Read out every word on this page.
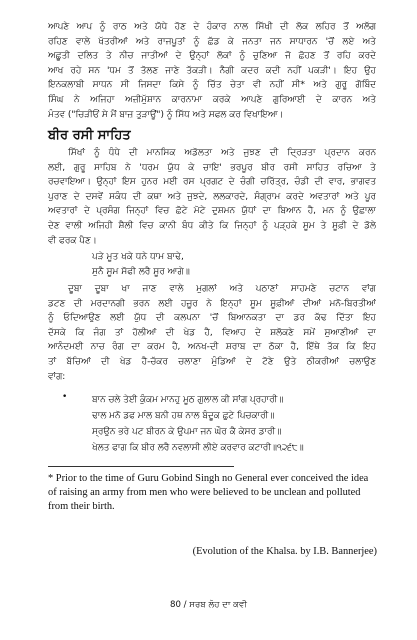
ਆਪਣੇ ਆਪ ਨੂੰ ਰਾਠ ਅਤੇ ਯੋਧੇ ਹੋਣ ਦੇ ਹੰਕਾਰ ਨਾਲ ਸਿੱਖੀ ਦੀ ਲੋਕ ਲਹਿਰ ਤੋਂ ਅਲੱਗ
ਰਹਿਣ ਵਾਲੇ ਖੱਤਰੀਆਂ ਅਤੇ ਰਾਜਪੂਤਾਂ ਨੂੰ ਛੱਡ ਕੇ ਜਨਤਾ ਜਨ ਸਾਧਾਰਨ 'ਚੋਂ ਲਏ ਅਤੇ
ਅਛੂਤੀ ਦਲਿਤ ਤੇ ਨੀਚ ਜਾਤੀਆਂ ਦੇ ਉਨ੍ਹਾਂ ਲੋਕਾਂ ਨੂੰ ਚੁਣਿਆ ਜੋ ਛੋਹਣ ਤੋਂ ਰਹਿ ਕਰਦੇ
ਆਖ ਰਹੇ ਸਨ 'ਧਮ ਤੋਂ ਤੋਲਣ ਜਾਣੇ ਤੱਕੜੀ। ਨੈਗੀ ਕਦਰ ਕਦੀ ਨਹੀਂ ਪਕੜੀ'। ਇਹ ਉਹ
ਇਨਕਲਾਬੀ ਸਾਧਨ ਸੀ ਜਿਸਦਾ ਕਿਸੇ ਨੂੰ ਚਿੱਤ ਚੇਤਾ ਵੀ ਨਹੀਂ ਸੀ* ਅਤੇ ਗੁਰੂ ਗੋਬਿੰਦ
ਸਿੰਘ ਨੇ ਅਜਿਹਾ ਅਜ਼ੀਮੁੱਸ਼ਾਨ ਕਾਰਨਾਮਾ ਕਰਕੇ ਆਪਣੇ ਗੁਰਿਆਈ ਦੇ ਕਾਰਨ ਅਤੇ
ਮੰਤਵ ("ਚਿੜੀਓਂ ਸੇ ਮੈਂ ਬਾਜ਼ ਤੁੜਾਊਂ") ਨੂੰ ਸਿੱਧ ਅਤੇ ਸਫਲ ਕਰ ਵਿਖਾਇਆ।
ਬੀਰ ਰਸੀ ਸਾਹਿਤ
ਸਿੱਖਾਂ ਨੂੰ ਧੰਧੇ ਦੀ ਮਾਨਸਿਕ ਅਡੋਲਤਾ ਅਤੇ ਜੁਝਣ ਦੀ ਦ੍ਰਿੜਤਾ ਪ੍ਰਦਾਨ ਕਰਨ
ਲਈ, ਗੁਰੂ ਸਾਹਿਬ ਨੇ 'ਧਰਮ ਯੁੱਧ ਕੇ ਚਾਇ' ਭਰਪੂਰ ਬੀਰ ਰਸੀ ਸਾਹਿਤ ਰਚਿਆ ਤੇ
ਰਚਵਾਇਆ। ਉਨ੍ਹਾਂ ਇਸ ਹੁਨਰ ਮਈ ਰਸ ਪ੍ਰਗਟ ਦੇ ਚੰਗੀ ਚਰਿੱਤ੍ਰ, ਚੰਡੀ ਦੀ ਵਾਰ, ਭਾਗਵਤ
ਪੁਰਾਣ ਦੇ ਦਸਵੇਂ ਸਕੰਧ ਦੀ ਕਥਾ ਅਤੇ ਜੁਝਦੇ, ਲਲਕਾਰਦੇ, ਸੰਗ੍ਰਾਮ ਕਰਦੇ ਅਵਤਾਰਾਂ ਅਤੇ ਪੂਰ
ਅਵਤਾਰਾਂ ਦੇ ਪ੍ਰਸੰਗ ਜਿਨ੍ਹਾਂ ਵਿਚ ਛੋਟੇ ਮੋਟੇ ਦੁਸ਼ਮਨ ਯੁੱਧਾਂ ਦਾ ਬਿਆਨ ਹੈ, ਮਨ ਨੂੰ ਉਛਾਲਾ
ਦੇਣ ਵਾਲੀ ਅਜਿਹੀ ਸ਼ੈਲੀ ਵਿਚ ਕਾਨੀ ਬੰਧ ਕੀਤੇ ਕਿ ਜਿਨ੍ਹਾਂ ਨੂੰ ਪੜ੍ਹਕੇ ਸੂਮ ਤੇ ਸੂਫ਼ੀ ਦੇ ਡੋਲੇ
ਵੀ ਫਰਕ ਪੈਣ।
ਪੜੇ ਮੂਤ ਖਕੇ ਧਨੇ ਧਾਮ ਬਾਢੇ,
ਸੁਨੈ ਸੂਮ ਸੋਫੀ ਲਰੈ ਸੂਰ ਆਗੇ॥
ਦੂਬਾ ਦੂਬਾ ਖਾ ਜਾਣ ਵਾਲੇ ਮੁਗਲਾਂ ਅਤੇ ਪਠਾਣਾਂ ਸਾਹਮਣੇ ਚਟਾਨ ਵਾਂਗ
ਡਟਣ ਦੀ ਮਰਦਾਨਗੀ ਭਰਨ ਲਈ ਹਜ਼ੂਰ ਨੇ ਇਨ੍ਹਾਂ ਸੂਮ ਸੂਫ਼ੀਆਂ ਦੀਆਂ ਮਨੋ-ਬਿਰਤੀਆਂ
ਨੂੰ ਓਦਿਆਉਣ ਲਈ ਯੁੱਧ ਦੀ ਕਲਪਨਾ 'ਚੋਂ ਬਿਆਨਕਤਾ ਦਾ ਡਰ ਕੱਢ ਦਿੱਤਾ ਇਹ
ਦੱਸਕੇ ਕਿ ਜੰਗ ਤਾਂ ਹੋਲੀਆਂ ਦੀ ਖੇਡ ਹੈ, ਵਿਆਹ ਦੇ ਸ਼ਲੋਕਣੇ ਸਮੇਂ ਸੁਆਣੀਆਂ ਦਾ
ਆਨੰਦਮਈ ਨਾਚ ਰੰਗ ਦਾ ਕਰਮ ਹੈ, ਅਨਖ-ਦੀ ਸ਼ਰਾਬ ਦਾ ਠੋਕਾ ਹੈ, ਇੱਥੇ ਤੱਕ ਕਿ ਇਹ
ਤਾਂ ਬੱਚਿਆਂ ਦੀ ਖੇਡ ਹੈ-ਚੱਕਰ ਚਲਾਣਾ ਮੁੰਡਿਆਂ ਦੇ ਟੋਣੇ ਉਤੇ ਠੀਕਰੀਆਂ ਚਲਾਉਣ
ਵਾਂਗ:
ਬਾਨ ਚਲੇ ਤੇਈ ਕੁੰਕਮ ਮਾਨਹੁ ਮੂਠ ਗੁਲਾਲ ਕੀ ਸਾਂਗ ਪ੍ਰਹਾਰੀ॥
ਢਾਲ ਮਨੋ ਡਫ ਮਾਲ ਬਨੀ ਹਥ ਨਾਲ ਬੰਦੂਕ ਛੁਟੇ ਪਿਚਕਾਰੀ॥
ਸ੍ਰਉਨ ਭਰੇ ਪਟ ਬੀਰਨ ਕੇ ਉਪਮਾ ਜਨ ਘੌਰ ਕੈ ਕੇਸਰ ਡਾਰੀ॥
ਖੇਲਤ ਫਾਗ ਕਿ ਬੀਰ ਲਰੈ ਨਵਲਾਸੀ ਲੀਏ ਕਰਵਾਰ ਕਟਾਰੀ॥੧੨੬੮॥
•
* Prior to the time of Guru Gobind Singh no General ever conceived the idea of raising an army from men who were believed to be unclean and polluted from their birth.
80 / ਸਰਬ ਲੋਹ ਦਾ ਕਵੀ
(Evolution of the Khalsa. by I.B. Bannerjee)
